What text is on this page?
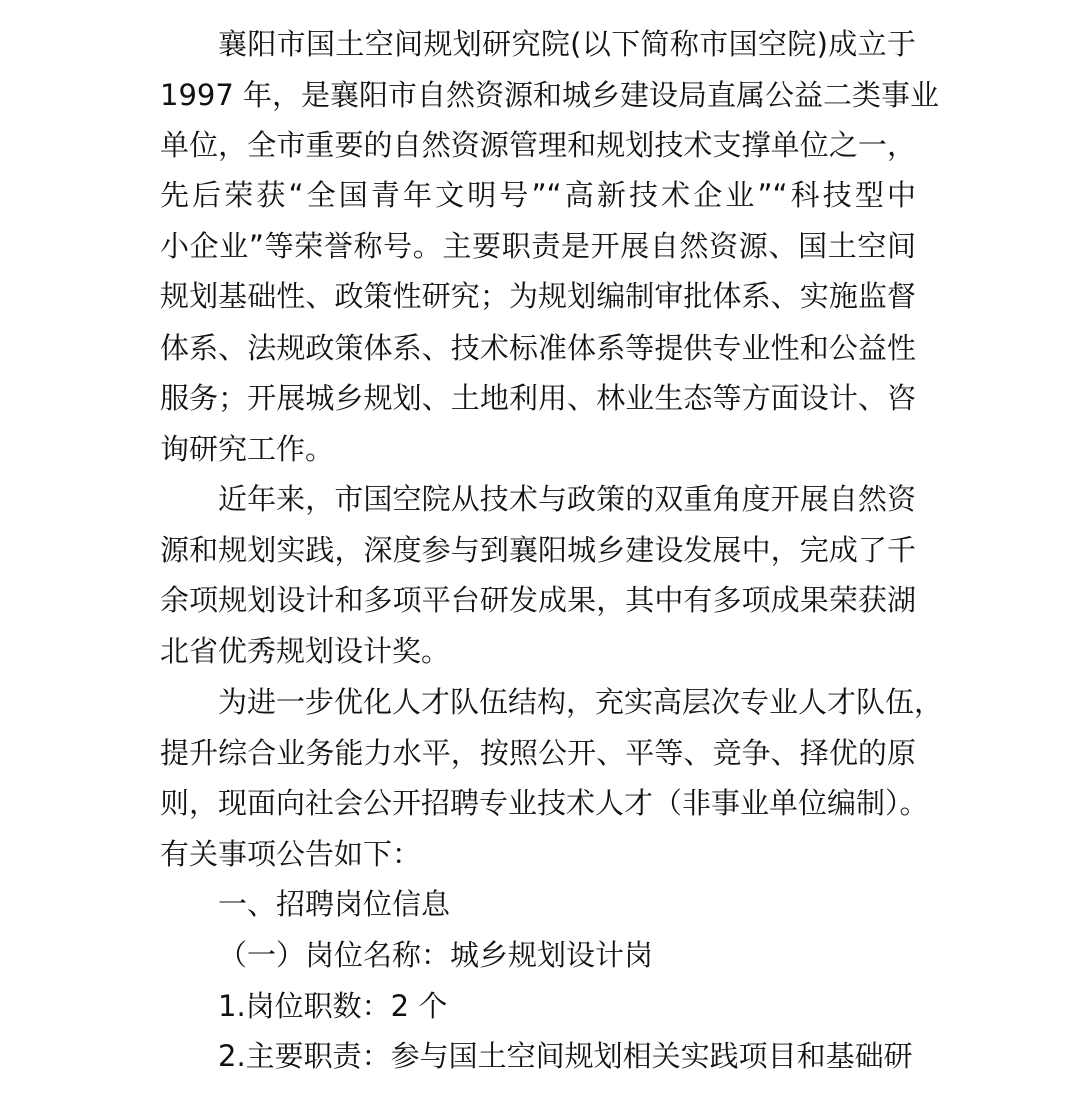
襄阳市国土空间规划研究院(以下简称市国空院)成立于
1997 年，是襄阳市自然资源和城乡建设局直属公益二类事业
单位，全市重要的自然资源管理和规划技术支撑单位之一，
先后荣获“全国青年文明号”“高新技术企业”“科技型中
小企业”等荣誉称号。主要职责是开展自然资源、国土空间
规划基础性、政策性研究；为规划编制审批体系、实施监督
体系、法规政策体系、技术标准体系等提供专业性和公益性
服务；开展城乡规划、土地利用、林业生态等方面设计、咨
询研究工作。
近年来，市国空院从技术与政策的双重角度开展自然资
源和规划实践，深度参与到襄阳城乡建设发展中，完成了千
余项规划设计和多项平台研发成果，其中有多项成果荣获湖
北省优秀规划设计奖。
为进一步优化人才队伍结构，充实高层次专业人才队伍，
提升综合业务能力水平，按照公开、平等、竞争、择优的原
则，现面向社会公开招聘专业技术人才（非事业单位编制）。
有关事项公告如下：
一、招聘岗位信息
（一）岗位名称：城乡规划设计岗
1.岗位职数：2 个
2.主要职责：参与国土空间规划相关实践项目和基础研
